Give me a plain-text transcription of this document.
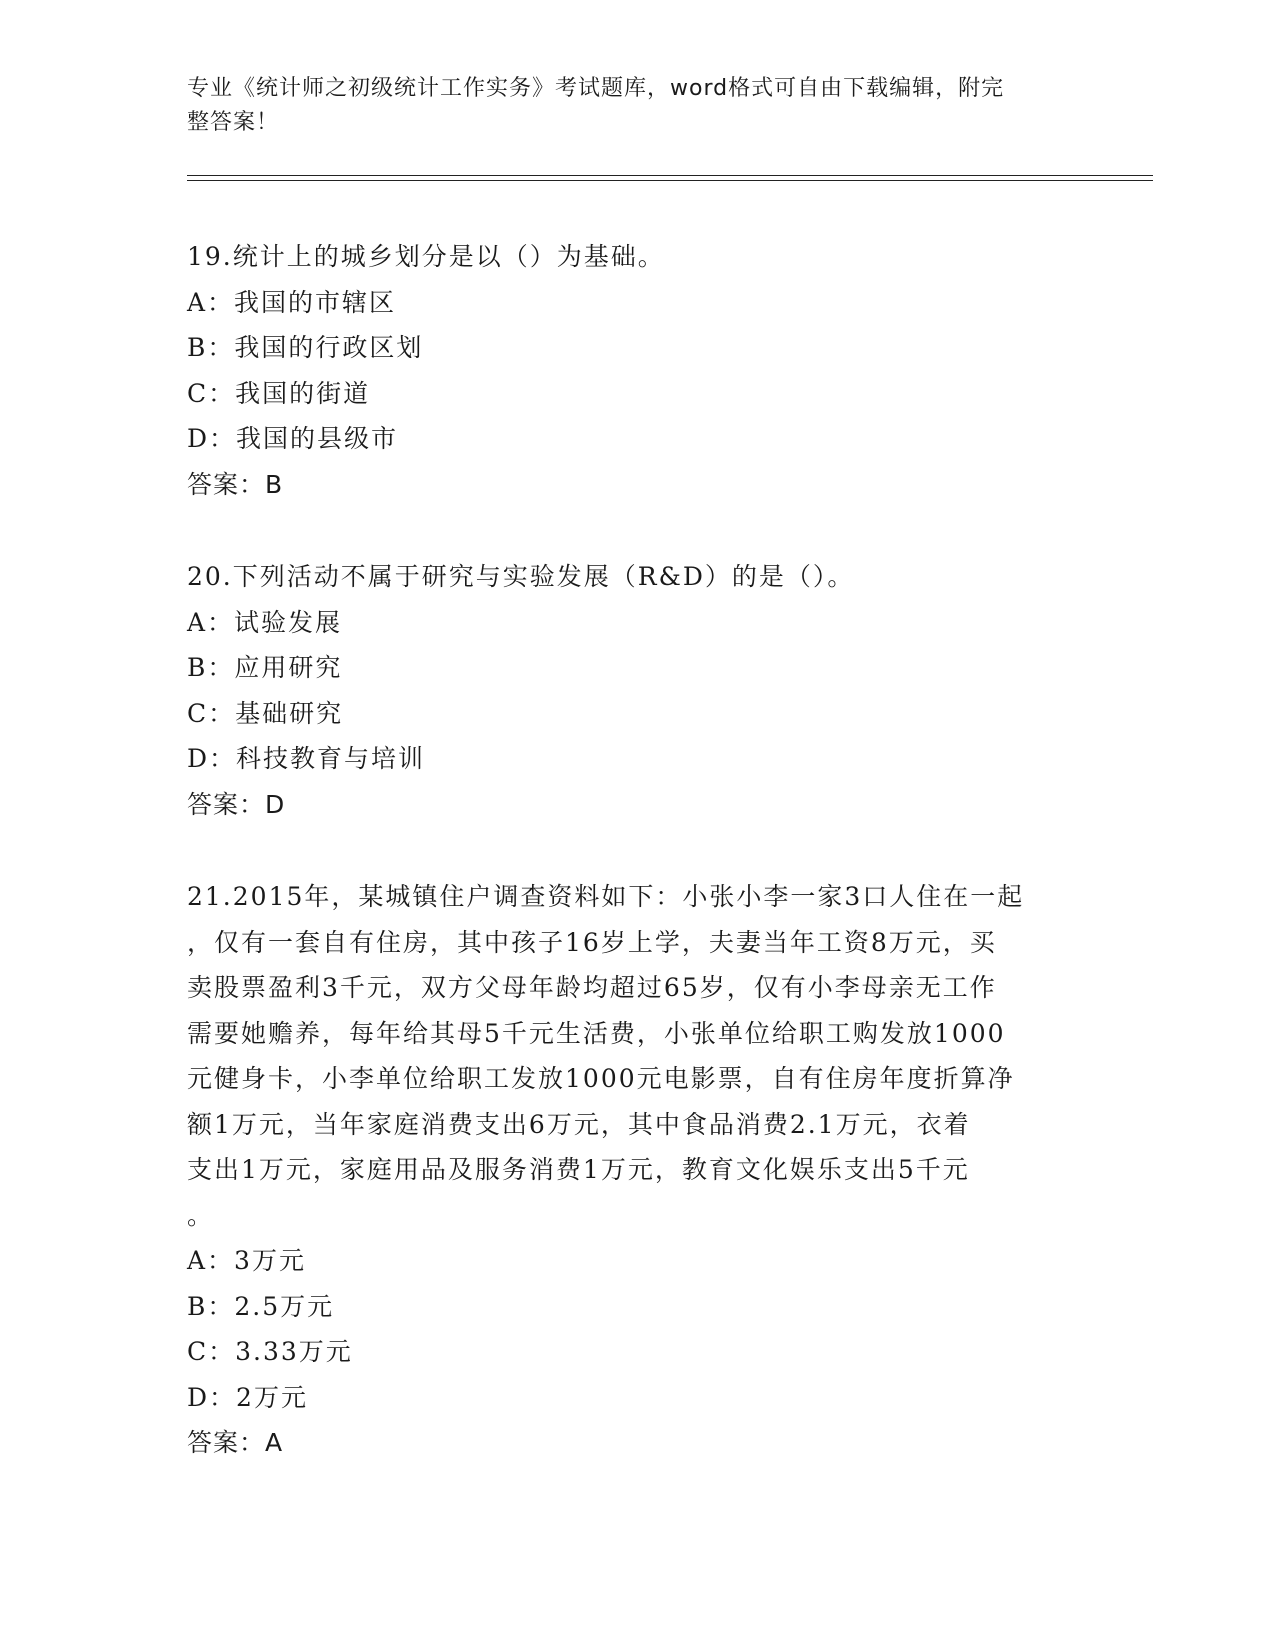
专业《统计师之初级统计工作实务》考试题库，word格式可自由下载编辑，附完
整答案！
19.统计上的城乡划分是以（）为基础。
A：我国的市辖区
B：我国的行政区划
C：我国的街道
D：我国的县级市
答案：B
20.下列活动不属于研究与实验发展（R&D）的是（）。
A：试验发展
B：应用研究
C：基础研究
D：科技教育与培训
答案：D
21.2015年，某城镇住户调查资料如下：小张小李一家3口人住在一起
，仅有一套自有住房，其中孩子16岁上学，夫妻当年工资8万元，买
卖股票盈利3千元，双方父母年龄均超过65岁，仅有小李母亲无工作
需要她赡养，每年给其母5千元生活费，小张单位给职工购发放1000
元健身卡，小李单位给职工发放1000元电影票，自有住房年度折算净
额1万元，当年家庭消费支出6万元，其中食品消费2.1万元，衣着
支出1万元，家庭用品及服务消费1万元，教育文化娱乐支出5千元
。
A：3万元
B：2.5万元
C：3.33万元
D：2万元
答案：A
